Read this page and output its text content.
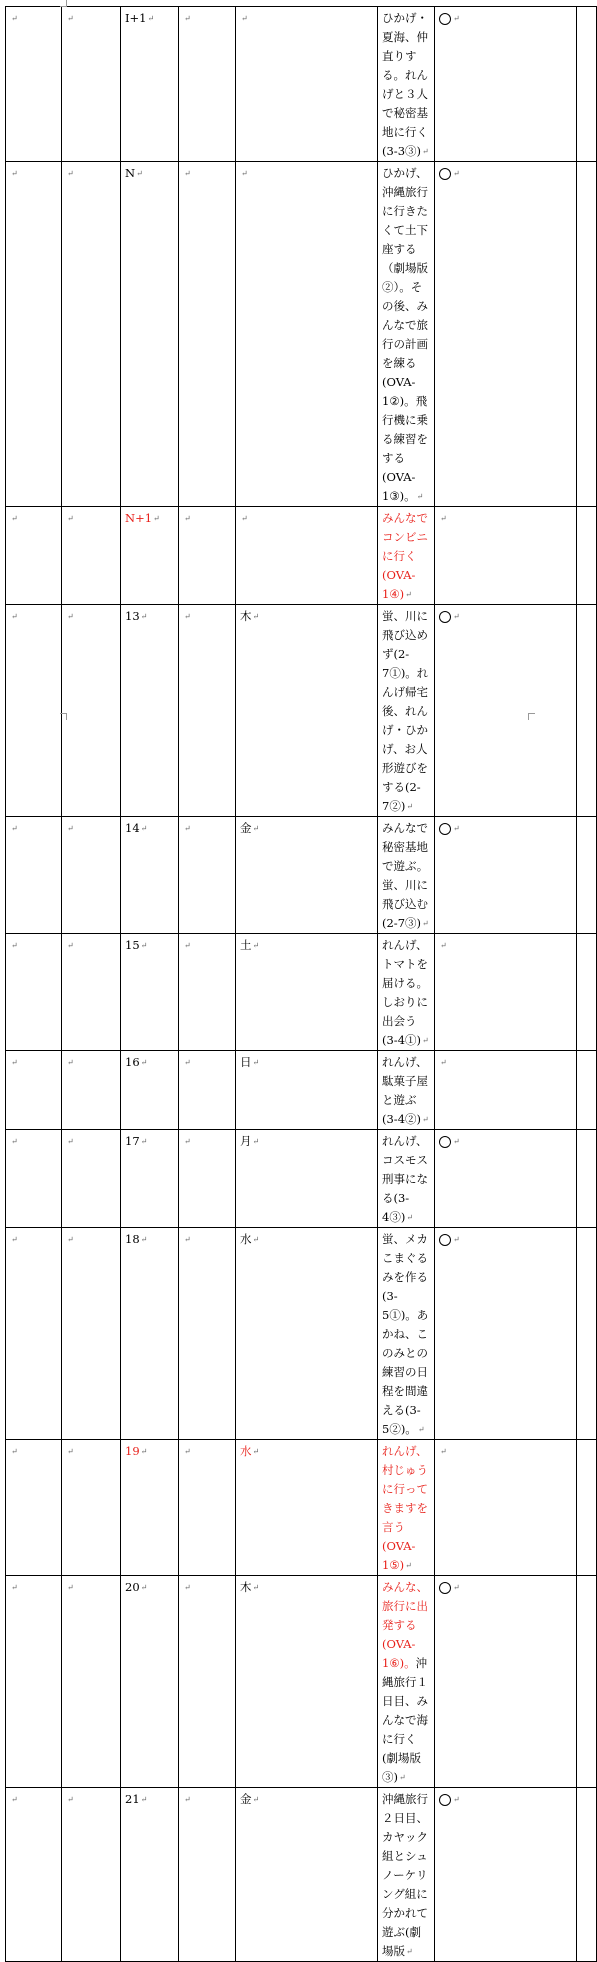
↵	↵	I+1↵	↵	↵	ひかげ・夏海、仲直りする。れんげと３人で秘密基地に行く(3-3③)↵	↵	
↵	↵	N↵	↵	↵	ひかげ、沖縄旅行に行きたくて土下座する（劇場版②）。その後、みんなで旅行の計画を練る(OVA-1②)。飛行機に乗る練習をする(OVA-1③)。↵	↵	
↵	↵	N+1↵	↵	↵	みんなでコンビニに行く(OVA-1④)↵	↵	
↵	↵	13↵	↵	木↵	蛍、川に飛び込めず(2-7①)。れんげ帰宅後、れんげ・ひかげ、お人形遊びをする(2-7②)↵	↵	
↵	↵	14↵	↵	金↵	みんなで秘密基地で遊ぶ。蛍、川に飛び込む(2-7③)↵	↵	
↵	↵	15↵	↵	土↵	れんげ、トマトを届ける。しおりに出会う(3-4①)↵	↵	
↵	↵	16↵	↵	日↵	れんげ、駄菓子屋と遊ぶ(3-4②)↵	↵	
↵	↵	17↵	↵	月↵	れんげ、コスモス刑事になる(3-4③)↵	↵	
↵	↵	18↵	↵	水↵	蛍、メカこまぐるみを作る(3-5①)。あかね、このみとの練習の日程を間違える(3-5②)。↵	↵	
↵	↵	19↵	↵	水↵	れんげ、村じゅうに行ってきますを言う(OVA-1⑤)↵	↵	
↵	↵	20↵	↵	木↵	みんな、旅行に出発する(OVA-1⑥)。沖縄旅行１日目、みんなで海に行く(劇場版③)↵	↵	
↵	↵	21↵	↵	金↵	沖縄旅行２日目、カヤック組とシュノーケリング組に分かれて遊ぶ(劇場版↵	↵	
